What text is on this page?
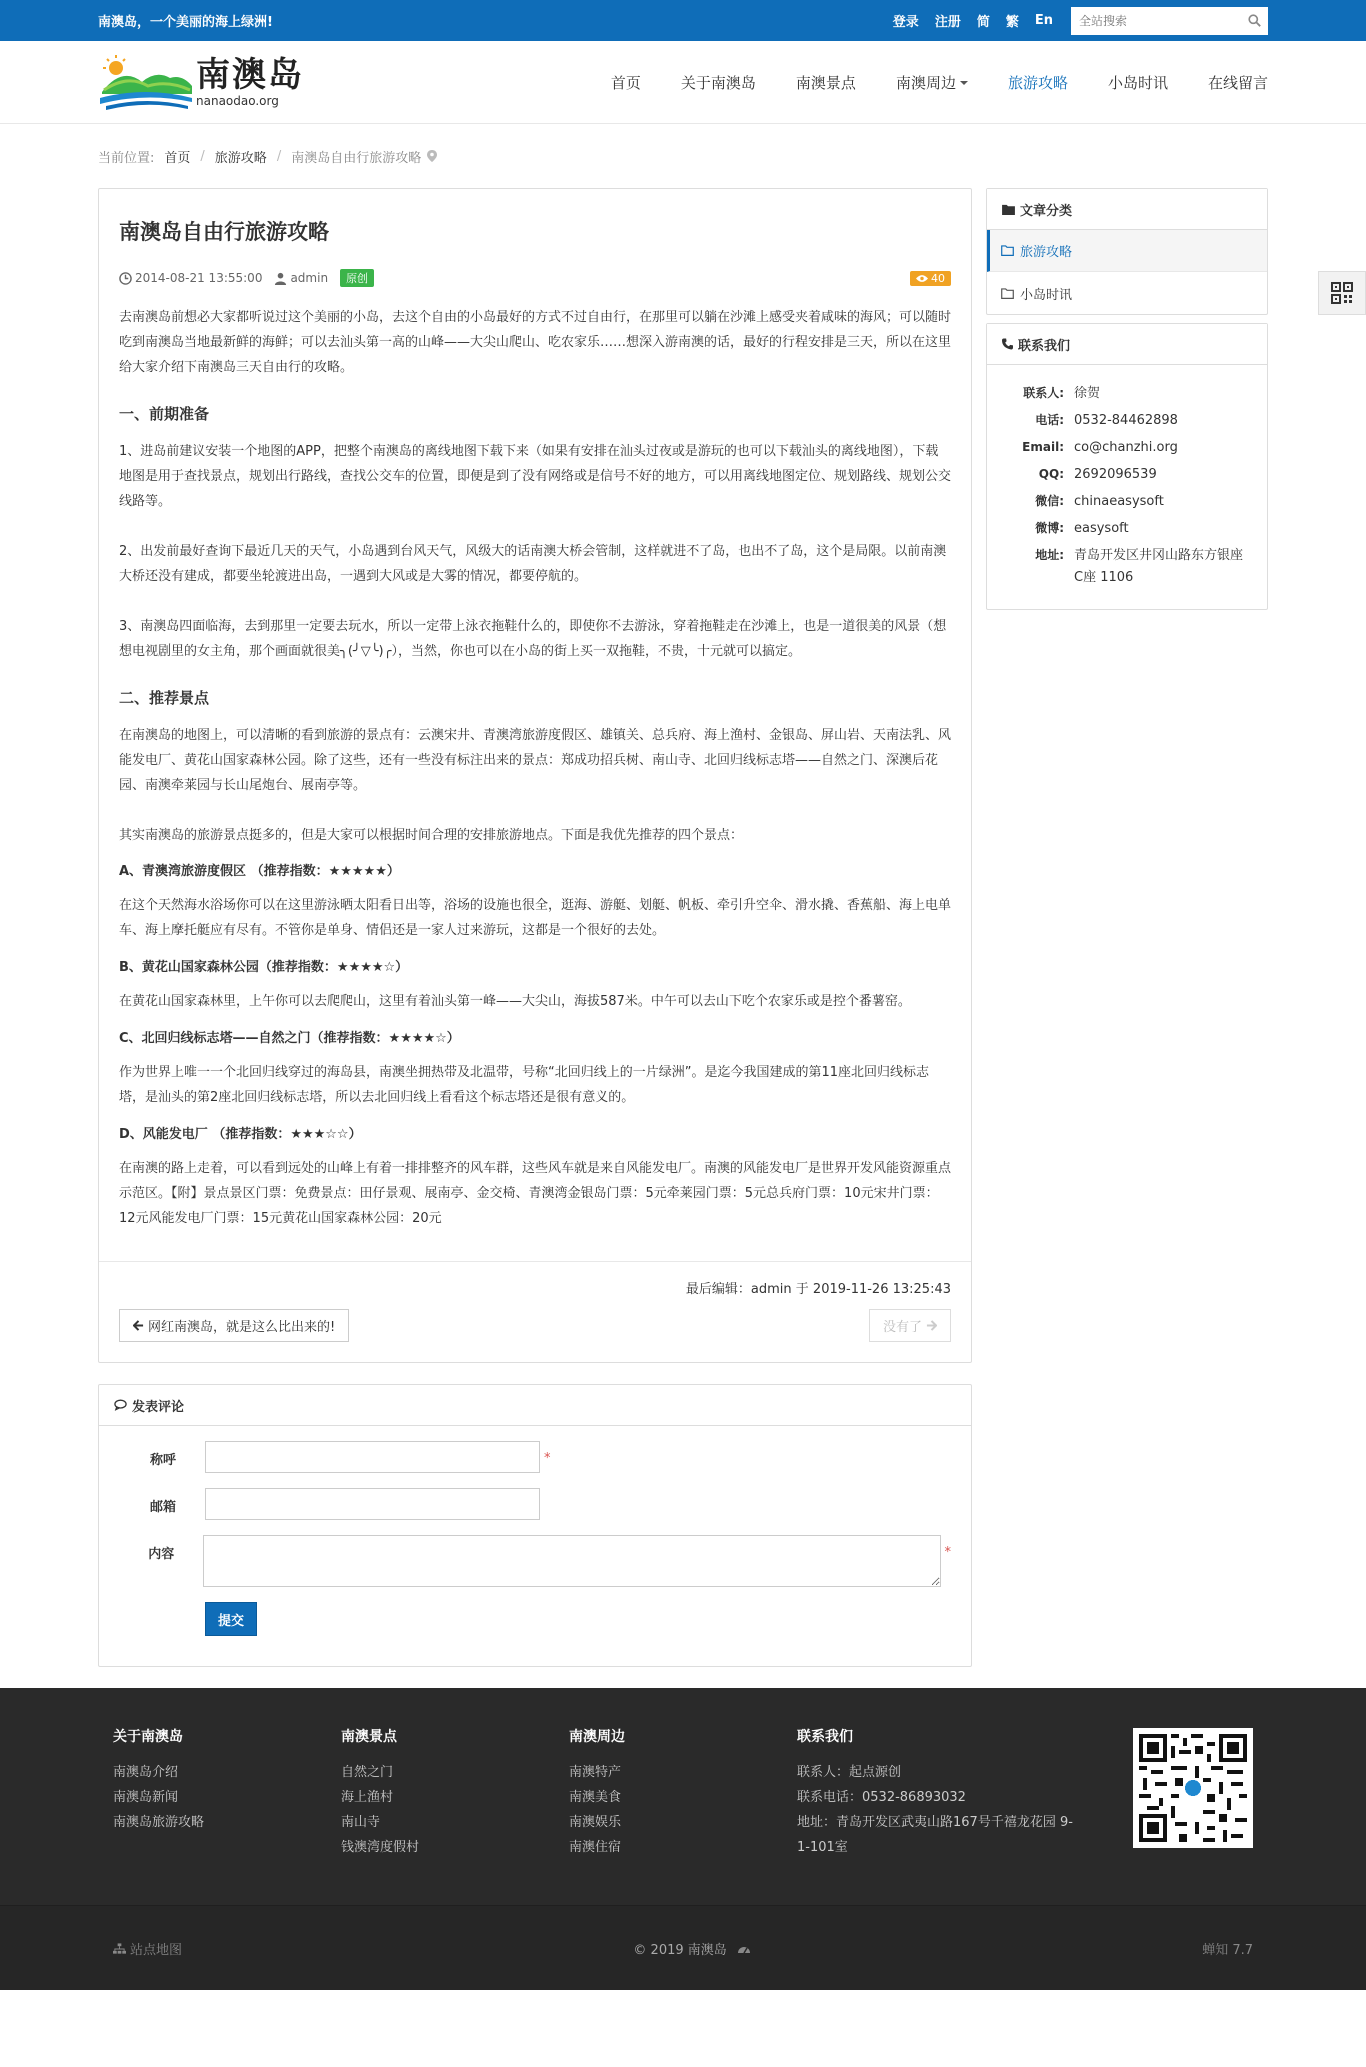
南澳岛，一个美丽的海上绿洲!	登录 注册 简 繁 En
全站搜索
南澳岛
nanaodao.org
首页	关于南澳岛	南澳景点	南澳周边	旅游攻略	小岛时讯	在线留言
当前位置: 首页 / 旅游攻略 / 南澳岛自由行旅游攻略
南澳岛自由行旅游攻略
2014-08-21 13:55:00 admin	原创	40

去南澳岛前想必大家都听说过这个美丽的小岛，去这个自由的小岛最好的方式不过自由行，在那里可以躺在沙滩上感受夹着咸味的海风；可以随时吃到南澳岛当地最新鲜的海鲜；可以去汕头第一高的山峰——大尖山爬山、吃农家乐……想深入游南澳的话，最好的行程安排是三天，所以在这里给大家介绍下南澳岛三天自由行的攻略。

一、前期准备

1、进岛前建议安装一个地图的APP，把整个南澳岛的离线地图下载下来（如果有安排在汕头过夜或是游玩的也可以下载汕头的离线地图），下载地图是用于查找景点，规划出行路线，查找公交车的位置，即便是到了没有网络或是信号不好的地方，可以用离线地图定位、规划路线、规划公交线路等。

2、出发前最好查询下最近几天的天气，小岛遇到台风天气，风级大的话南澳大桥会管制，这样就进不了岛，也出不了岛，这个是局限。以前南澳大桥还没有建成，都要坐轮渡进出岛，一遇到大风或是大雾的情况，都要停航的。

3、南澳岛四面临海，去到那里一定要去玩水，所以一定带上泳衣拖鞋什么的，即使你不去游泳，穿着拖鞋走在沙滩上，也是一道很美的风景（想想电视剧里的女主角，那个画面就很美╮(╯▽╰)╭），当然，你也可以在小岛的街上买一双拖鞋，不贵，十元就可以搞定。

二、推荐景点

在南澳岛的地图上，可以清晰的看到旅游的景点有：云澳宋井、青澳湾旅游度假区、雄镇关、总兵府、海上渔村、金银岛、屏山岩、天南法乳、风能发电厂、黄花山国家森林公园。除了这些，还有一些没有标注出来的景点：郑成功招兵树、南山寺、北回归线标志塔——自然之门、深澳后花园、南澳牵莱园与长山尾炮台、展南亭等。

其实南澳岛的旅游景点挺多的，但是大家可以根据时间合理的安排旅游地点。下面是我优先推荐的四个景点：

A、青澳湾旅游度假区 （推荐指数：★★★★★）

在这个天然海水浴场你可以在这里游泳晒太阳看日出等，浴场的设施也很全，逛海、游艇、划艇、帆板、牵引升空伞、滑水撬、香蕉船、海上电单车、海上摩托艇应有尽有。不管你是单身、情侣还是一家人过来游玩，这都是一个很好的去处。

B、黄花山国家森林公园（推荐指数：★★★★☆）

在黄花山国家森林里，上午你可以去爬爬山，这里有着汕头第一峰——大尖山，海拔587米。中午可以去山下吃个农家乐或是控个番薯窑。

C、北回归线标志塔——自然之门（推荐指数：★★★★☆）

作为世界上唯一一个北回归线穿过的海岛县，南澳坐拥热带及北温带，号称“北回归线上的一片绿洲”。是迄今我国建成的第11座北回归线标志塔，是汕头的第2座北回归线标志塔，所以去北回归线上看看这个标志塔还是很有意义的。

D、风能发电厂 （推荐指数：★★★☆☆）

在南澳的路上走着，可以看到远处的山峰上有着一排排整齐的风车群，这些风车就是来自风能发电厂。南澳的风能发电厂是世界开发风能资源重点示范区。【附】景点景区门票：免费景点：田仔景观、展南亭、金交椅、青澳湾金银岛门票：5元牵莱园门票：5元总兵府门票：10元宋井门票：12元风能发电厂门票：15元黄花山国家森林公园：20元

最后编辑：admin 于 2019-11-26 13:25:43
网红南澳岛，就是这么比出来的!	没有了
发表评论
称呼	*
邮箱
内容	*
提交
文章分类
旅游攻略
小岛时讯
联系我们
联系人: 徐贺
电话: 0532-84462898
Email: co@chanzhi.org
QQ: 2692096539
微信: chinaeasysoft
微博: easysoft
地址: 青岛开发区井冈山路东方银座C座 1106
关于南澳岛
南澳岛介绍
南澳岛新闻
南澳岛旅游攻略
南澳景点
自然之门
海上渔村
南山寺
钱澳湾度假村
南澳周边
南澳特产
南澳美食
南澳娱乐
南澳住宿
联系我们
联系人：起点源创
联系电话：0532-86893032
地址：青岛开发区武夷山路167号千禧龙花园 9-1-101室
站点地图	© 2019 南澳岛	蝉知 7.7
